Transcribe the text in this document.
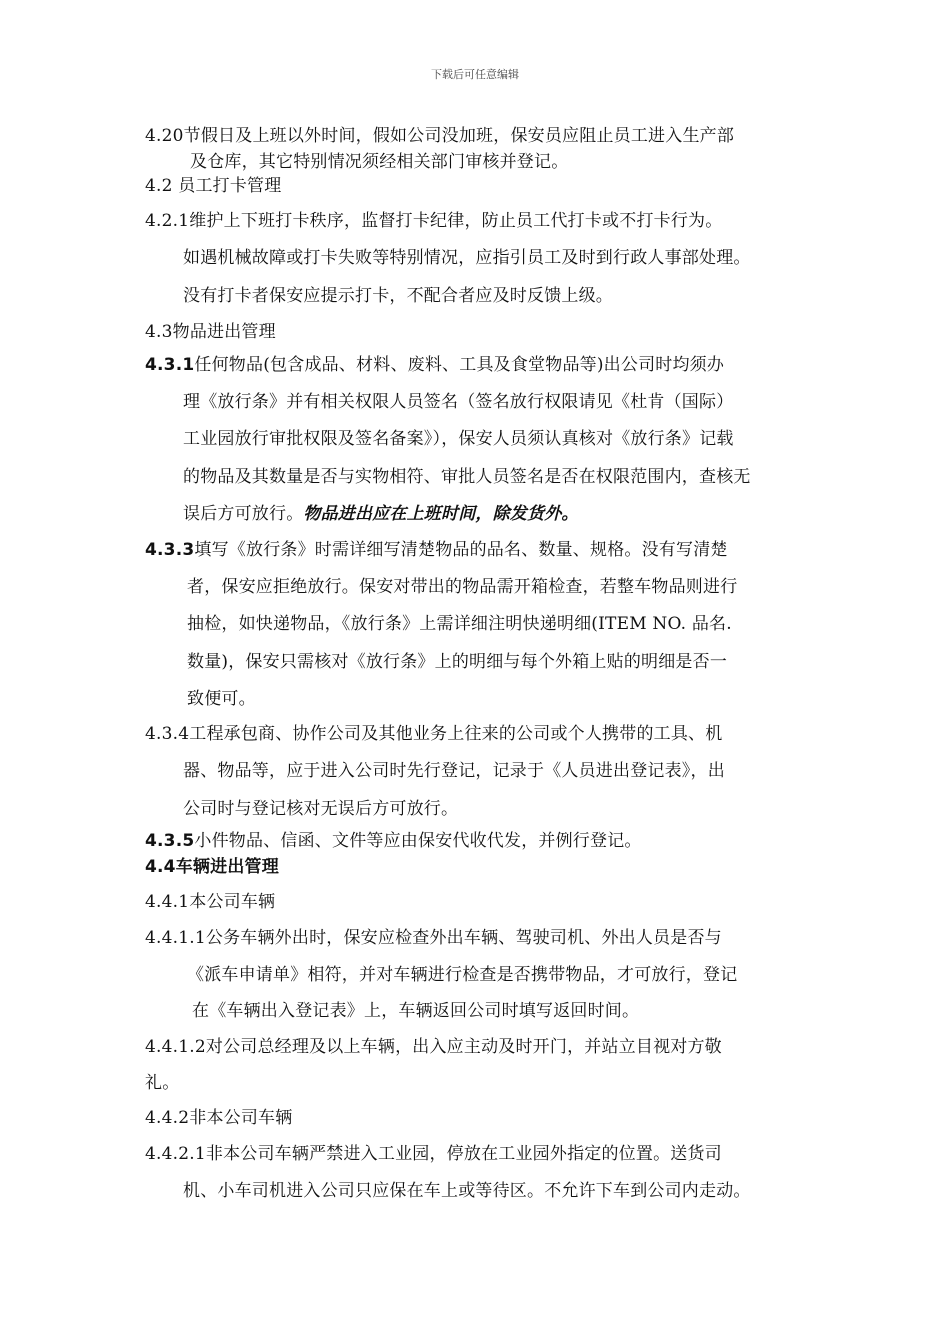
下载后可任意编辑
4.20节假日及上班以外时间，假如公司没加班，保安员应阻止员工进入生产部
及仓库，其它特别情况须经相关部门审核并登记。
4.2 员工打卡管理
4.2.1维护上下班打卡秩序，监督打卡纪律，防止员工代打卡或不打卡行为。
如遇机械故障或打卡失败等特别情况，应指引员工及时到行政人事部处理。
没有打卡者保安应提示打卡，不配合者应及时反馈上级。
4.3物品进出管理
4.3.1任何物品(包含成品、材料、废料、工具及食堂物品等)出公司时均须办
理《放行条》并有相关权限人员签名（签名放行权限请见《杜肯（国际）
工业园放行审批权限及签名备案》），保安人员须认真核对《放行条》记载
的物品及其数量是否与实物相符、审批人员签名是否在权限范围内，查核无
误后方可放行。物品进出应在上班时间，除发货外。
4.3.3填写《放行条》时需详细写清楚物品的品名、数量、规格。没有写清楚
者，保安应拒绝放行。保安对带出的物品需开箱检查，若整车物品则进行
抽检，如快递物品，《放行条》上需详细注明快递明细(ITEM NO. 品名.
数量)，保安只需核对《放行条》上的明细与每个外箱上贴的明细是否一
致便可。
4.3.4工程承包商、协作公司及其他业务上往来的公司或个人携带的工具、机
器、物品等，应于进入公司时先行登记，记录于《人员进出登记表》，出
公司时与登记核对无误后方可放行。
4.3.5小件物品、信函、文件等应由保安代收代发，并例行登记。
4.4车辆进出管理
4.4.1本公司车辆
4.4.1.1公务车辆外出时，保安应检查外出车辆、驾驶司机、外出人员是否与
《派车申请单》相符，并对车辆进行检查是否携带物品，才可放行，登记
在《车辆出入登记表》上，车辆返回公司时填写返回时间。
4.4.1.2对公司总经理及以上车辆，出入应主动及时开门，并站立目视对方敬
礼。
4.4.2非本公司车辆
4.4.2.1非本公司车辆严禁进入工业园，停放在工业园外指定的位置。送货司
机、小车司机进入公司只应保在车上或等待区。不允许下车到公司内走动。
